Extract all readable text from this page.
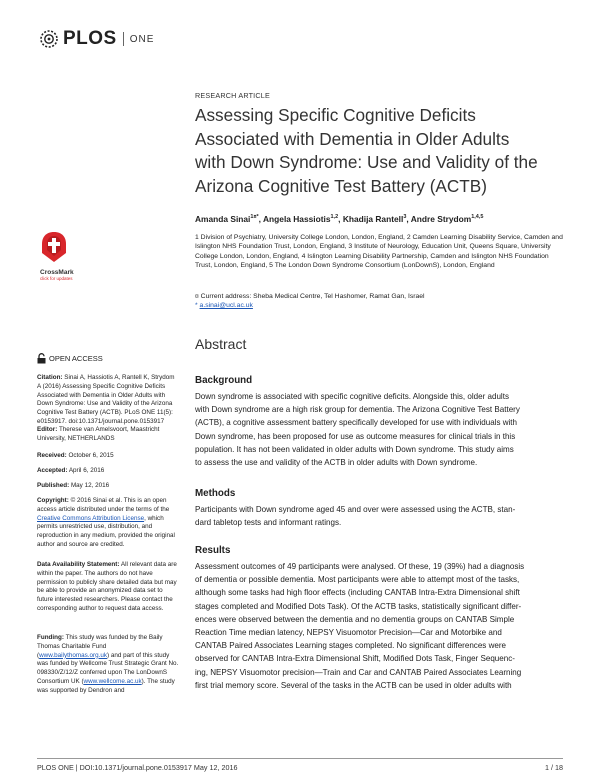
PLOS ONE
CrossMark
click for updates
OPEN ACCESS

Citation: Sinai A, Hassiotis A, Rantell K, Strydom A (2016) Assessing Specific Cognitive Deficits Associated with Dementia in Older Adults with Down Syndrome: Use and Validity of the Arizona Cognitive Test Battery (ACTB). PLoS ONE 11(5): e0153917. doi:10.1371/journal.pone.0153917

Editor: Therese van Amelsvoort, Maastricht University, NETHERLANDS

Received: October 6, 2015

Accepted: April 6, 2016

Published: May 12, 2016

Copyright: © 2016 Sinai et al. This is an open access article distributed under the terms of the Creative Commons Attribution License, which permits unrestricted use, distribution, and reproduction in any medium, provided the original author and source are credited.

Data Availability Statement: All relevant data are within the paper. The authors do not have permission to publicly share detailed data but may be able to provide an anonymized data set to future interested researchers. Please contact the corresponding author to request data access.

Funding: This study was funded by the Baily Thomas Charitable Fund (www.bailythomas.org.uk) and part of this study was funded by Wellcome Trust Strategic Grant No. 098330/Z/12/Z conferred upon The LonDownS Consortium UK (www.wellcome.ac.uk). The study was supported by Dendron and

RESEARCH ARTICLE
Assessing Specific Cognitive Deficits
Associated with Dementia in Older Adults
with Down Syndrome: Use and Validity of the
Arizona Cognitive Test Battery (ACTB)
Amanda Sinai$^{1¤*}$, Angela Hassiotis$^{1,2}$, Khadija Rantell$^3$, Andre Strydom$^{1,4,5}$
1 Division of Psychiatry, University College London, London, England, 2 Camden Learning Disability Service, Camden and Islington NHS Foundation Trust, London, England, 3 Institute of Neurology, Education Unit, Queens Square, University College London, London, England, 4 Islington Learning Disability Partnership, Camden and Islington NHS Foundation Trust, London, England, 5 The London Down Syndrome Consortium (LonDownS), London, England
¤ Current address: Sheba Medical Centre, Tel Hashomer, Ramat Gan, Israel
* a.sinai@ucl.ac.uk
Abstract
Background

Down syndrome is associated with specific cognitive deficits. Alongside this, older adults

with Down syndrome are a high risk group for dementia. The Arizona Cognitive Test Battery

(ACTB), a cognitive assessment battery specifically developed for use with individuals with

Down syndrome, has been proposed for use as outcome measures for clinical trials in this

population. It has not been validated in older adults with Down syndrome. This study aims

to assess the use and validity of the ACTB in older adults with Down syndrome.

Methods

Participants with Down syndrome aged 45 and over were assessed using the ACTB, stan-

dard tabletop tests and informant ratings.

Results

Assessment outcomes of 49 participants were analysed. Of these, 19 (39%) had a diagnosis

of dementia or possible dementia. Most participants were able to attempt most of the tasks,

although some tasks had high floor effects (including CANTAB Intra-Extra Dimensional shift

stages completed and Modified Dots Task). Of the ACTB tasks, statistically significant differ-

ences were observed between the dementia and no dementia groups on CANTAB Simple

Reaction Time median latency, NEPSY Visuomotor Precision—Car and Motorbike and

CANTAB Paired Associates Learning stages completed. No significant differences were

observed for CANTAB Intra-Extra Dimensional Shift, Modified Dots Task, Finger Sequenc-

ing, NEPSY Visuomotor precision—Train and Car and CANTAB Paired Associates Learning

first trial memory score. Several of the tasks in the ACTB can be used in older adults with

PLOS ONE | DOI:10.1371/journal.pone.0153917 May 12, 2016	1 / 18
